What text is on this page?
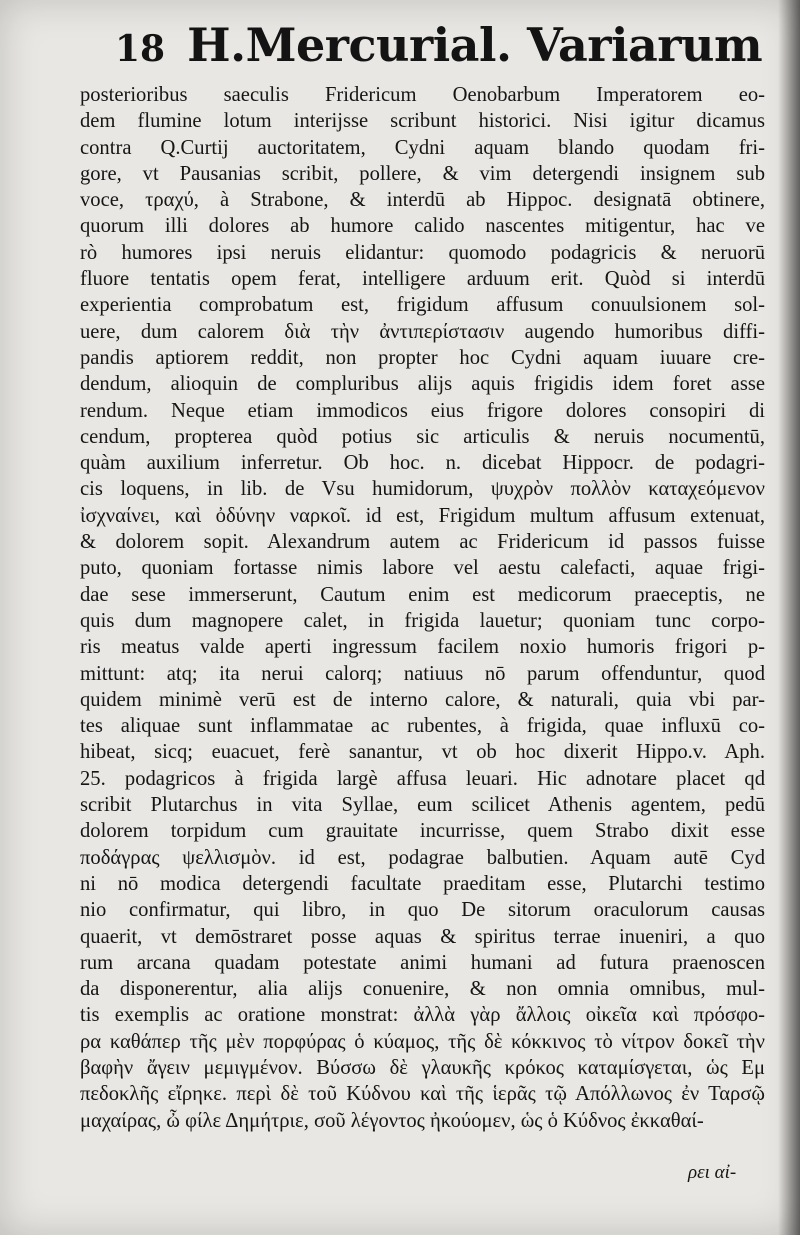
18 H.Mercurial. Variarum
posterioribus saeculis Fridericum Oenobarbum Imperatorem eo-
dem flumine lotum interijsse scribunt historici. Nisi igitur dicamus
contra Q.Curtij auctoritatem, Cydni aquam blando quodam fri-
gore, vt Pausanias scribit, pollere, & vim detergendi insignem sub
voce, τραχύ, à Strabone, & interdū ab Hippoc. designatā obtinere,
quorum illi dolores ab humore calido nascentes mitigentur, hac ve
rò humores ipsi neruis elidantur: quomodo podagricis & neruorū
fluore tentatis opem ferat, intelligere arduum erit. Quòd si interdū
experientia comprobatum est, frigidum affusum conuulsionem sol-
uere, dum calorem διὰ τὴν ἀντιπερίστασιν augendo humoribus diffi-
pandis aptiorem reddit, non propter hoc Cydni aquam iuuare cre-
dendum, alioquin de compluribus alijs aquis frigidis idem foret asse
rendum. Neque etiam immodicos eius frigore dolores consopiri di
cendum, propterea quòd potius sic articulis & neruis nocumentū,
quàm auxilium inferretur. Ob hoc. n. dicebat Hippocr. de podagri-
cis loquens, in lib. de Vsu humidorum, ψυχρὸν πολλὸν καταχεόμενον
ἰσχναίνει, καὶ ὀδύνην ναρκοῖ. id est, Frigidum multum affusum extenuat,
& dolorem sopit. Alexandrum autem ac Fridericum id passos fuisse
puto, quoniam fortasse nimis labore vel aestu calefacti, aquae frigi-
dae sese immerserunt, Cautum enim est medicorum praeceptis, ne
quis dum magnopere calet, in frigida lauetur; quoniam tunc corpo-
ris meatus valde aperti ingressum facilem noxio humoris frigori p-
mittunt: atq; ita nerui calorq; natiuus nō parum offenduntur, quod
quidem minimè verū est de interno calore, & naturali, quia vbi par-
tes aliquae sunt inflammatae ac rubentes, à frigida, quae influxū co-
hibeat, sicq; euacuet, ferè sanantur, vt ob hoc dixerit Hippo.v. Aph.
25. podagricos à frigida largè affusa leuari. Hic adnotare placet qd
scribit Plutarchus in vita Syllae, eum scilicet Athenis agentem, pedū
dolorem torpidum cum grauitate incurrisse, quem Strabo dixit esse
ποδάγρας ψελλισμὸν. id est, podagrae balbutien. Aquam autē Cyd
ni nō modica detergendi facultate praeditam esse, Plutarchi testimo
nio confirmatur, qui libro, in quo De sitorum oraculorum causas
quaerit, vt demōstraret posse aquas & spiritus terrae inueniri, a quo
rum arcana quadam potestate animi humani ad futura praenoscen
da disponerentur, alia alijs conuenire, & non omnia omnibus, mul-
tis exemplis ac oratione monstrat: ἀλλὰ γὰρ ἄλλοις οἰκεῖα καὶ πρόσφο-
ρα καθάπερ τῆς μὲν πορφύρας ὁ κύαμος, τῆς δὲ κόκκινος τὸ νίτρον δοκεῖ τὴν
βαφὴν ἄγειν μεμιγμένον. Βύσσω δὲ γλαυκῆς κρόκος καταμίσγεται, ὡς Εμ
πεδοκλῆς εἴρηκε. περὶ δὲ τοῦ Κύδνου καὶ τῆς ἱερᾶς τῷ Απόλλωνος ἐν Ταρσῷ
μαχαίρας, ὦ φίλε Δημήτριε, σοῦ λέγοντος ἠκούομεν, ὡς ὁ Κύδνος ἐκκαθαί-
ρει αἰ-
